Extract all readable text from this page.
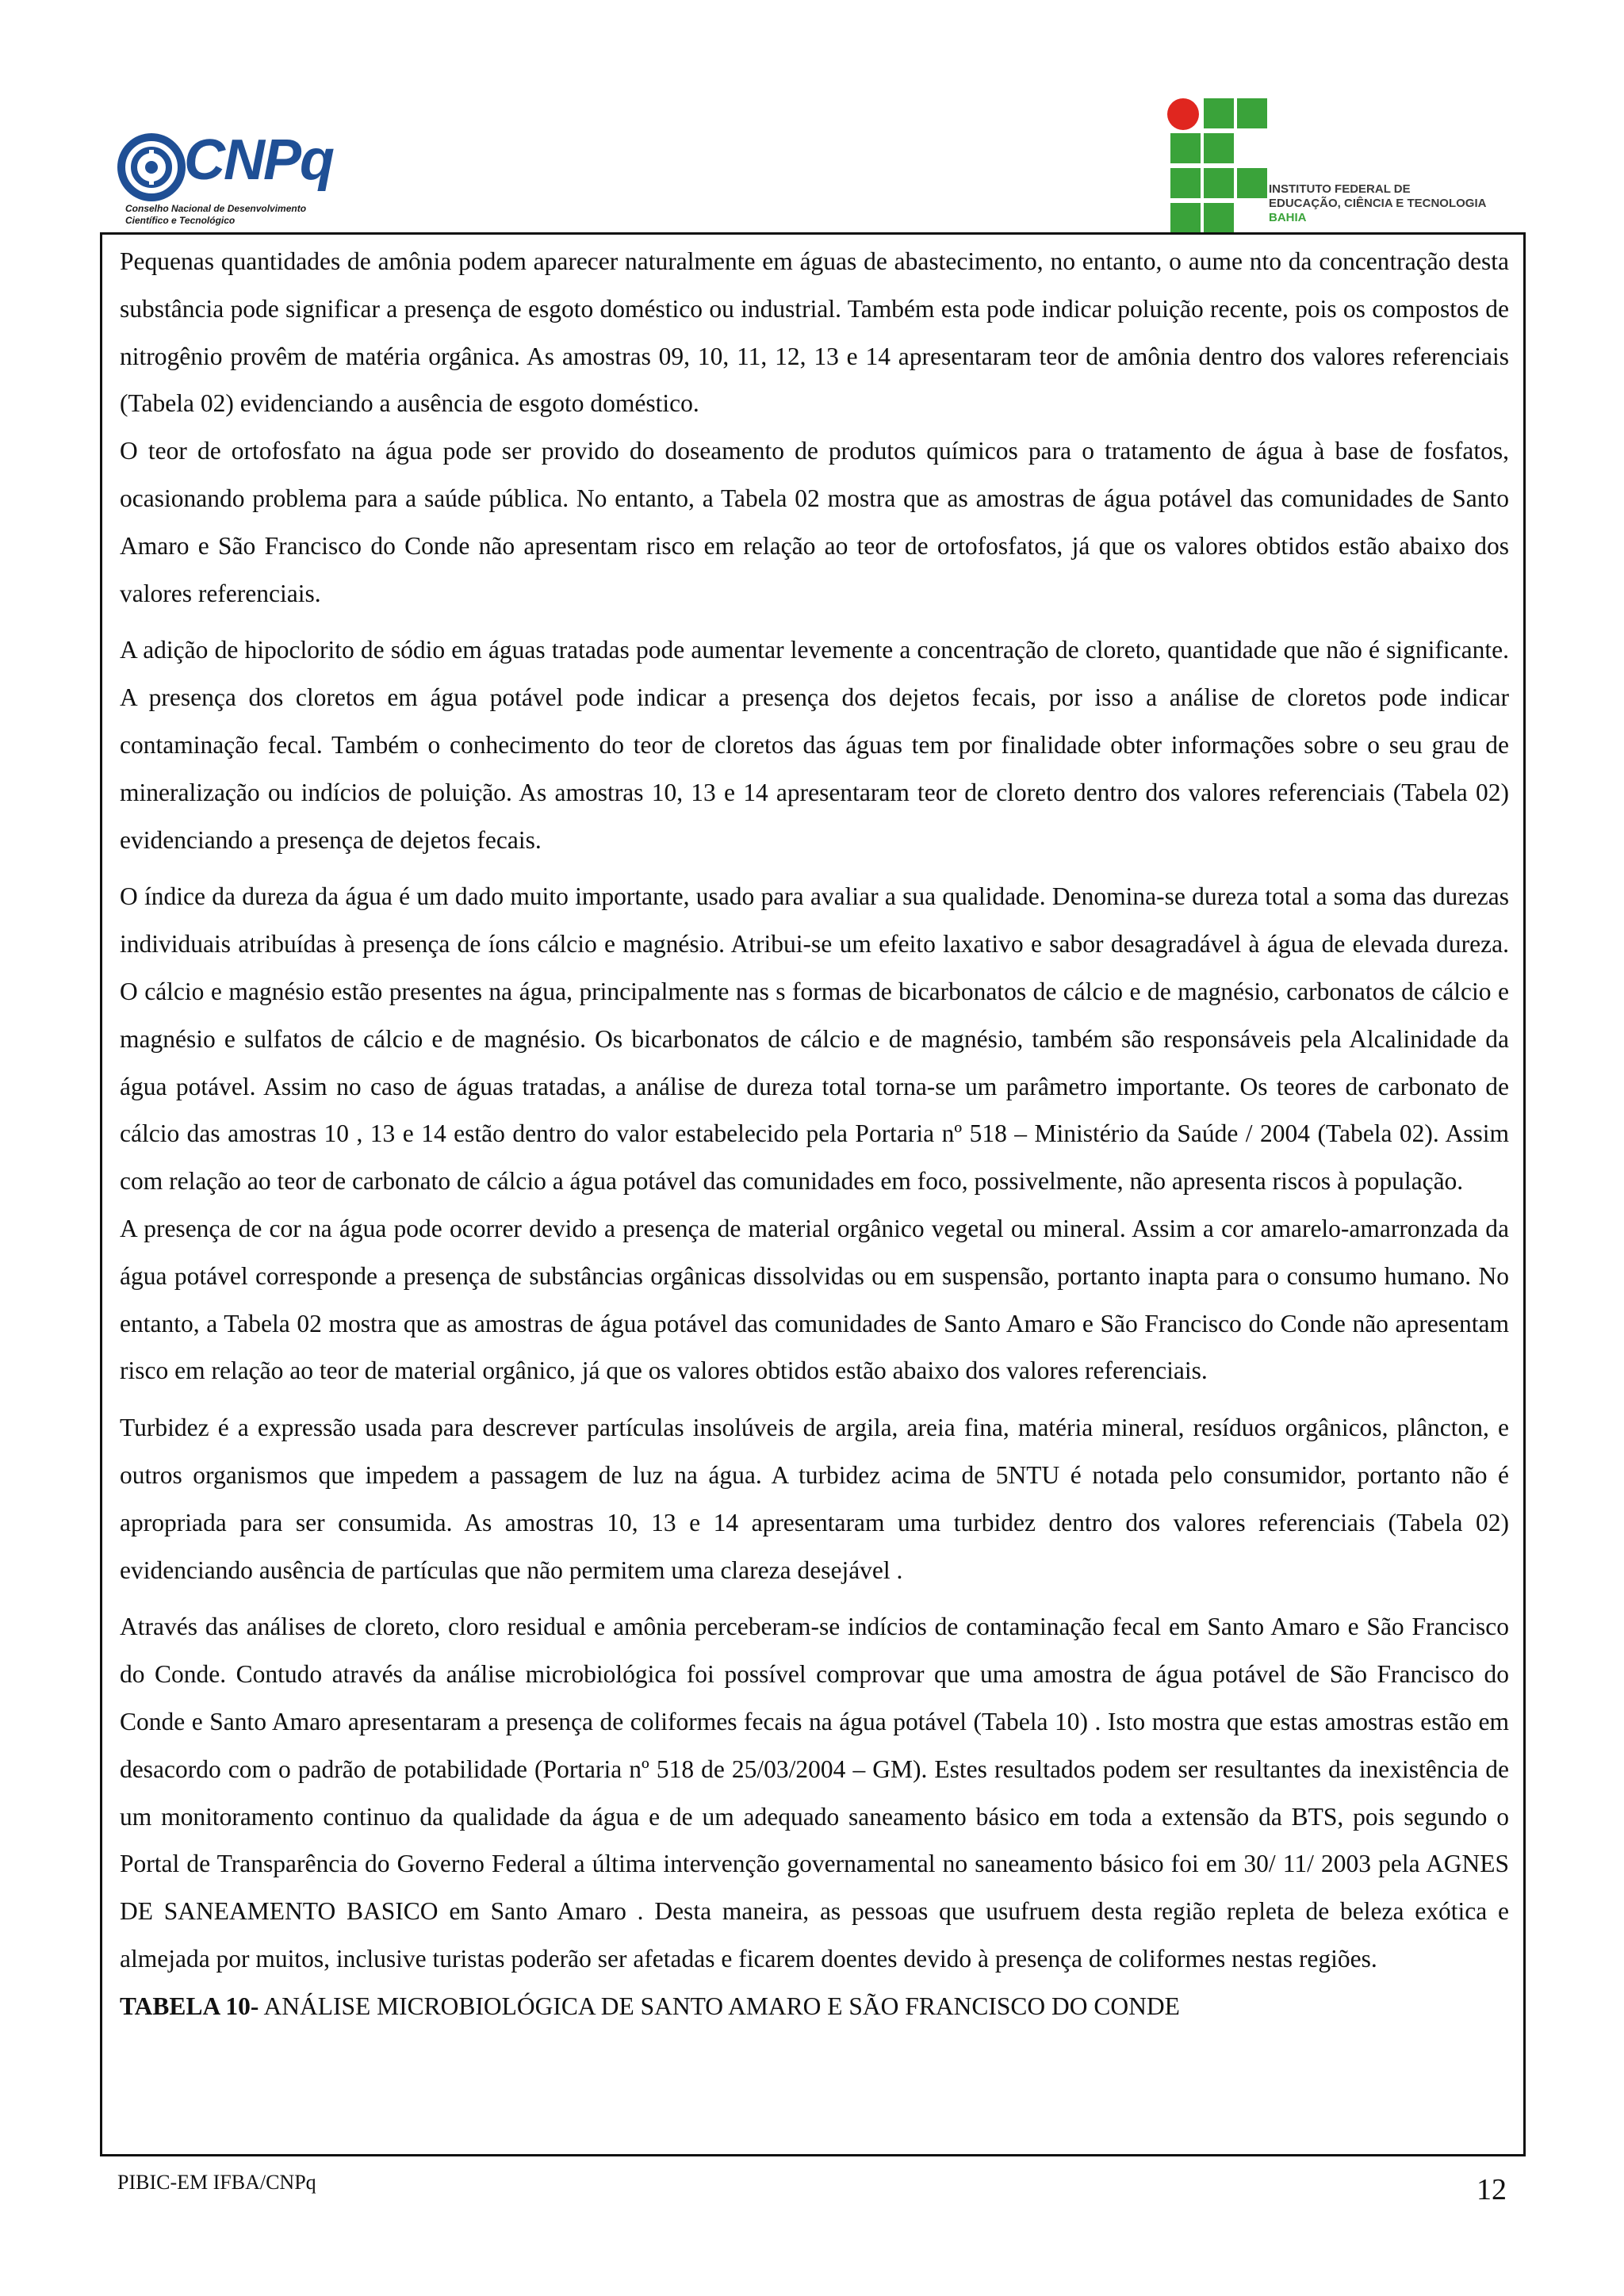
CNPq
Conselho Nacional de Desenvolvimento
Científico e Tecnológico
INSTITUTO FEDERAL DE
EDUCAÇÃO, CIÊNCIA E TECNOLOGIA
BAHIA

Pequenas quantidades de amônia podem aparecer naturalmente em águas de abastecimento, no entanto, o aume nto da concentração desta substância pode significar a presença de esgoto doméstico ou industrial. Também esta pode indicar poluição recente, pois os compostos de nitrogênio provêm de matéria orgânica. As amostras 09, 10, 11, 12, 13 e 14 apresentaram teor de amônia dentro dos valores referenciais (Tabela 02) evidenciando a ausência de esgoto doméstico.

O teor de ortofosfato na água pode ser provido do doseamento de produtos químicos para o tratamento de água à base de fosfatos, ocasionando problema para a saúde pública. No entanto, a Tabela 02 mostra que as amostras de água potável das comunidades de Santo Amaro e São Francisco do Conde não apresentam risco em relação ao teor de ortofosfatos, já que os valores obtidos estão abaixo dos valores referenciais.

A adição de hipoclorito de sódio em águas tratadas pode aumentar levemente a concentração de cloreto, quantidade que não é significante. A presença dos cloretos em água potável pode indicar a presença dos dejetos fecais, por isso a análise de cloretos pode indicar contaminação fecal. Também o conhecimento do teor de cloretos das águas tem por finalidade obter informações sobre o seu grau de mineralização ou indícios de poluição. As amostras 10, 13 e 14 apresentaram teor de cloreto dentro dos valores referenciais (Tabela 02) evidenciando a presença de dejetos fecais.

O índice da dureza da água é um dado muito importante, usado para avaliar a sua qualidade. Denomina-se dureza total a soma das durezas individuais atribuídas à presença de íons cálcio e magnésio. Atribui-se um efeito laxativo e sabor desagradável à água de elevada dureza. O cálcio e magnésio estão presentes na água, principalmente nas s formas de bicarbonatos de cálcio e de magnésio, carbonatos de cálcio e magnésio e sulfatos de cálcio e de magnésio. Os bicarbonatos de cálcio e de magnésio, também são responsáveis pela Alcalinidade da água potável. Assim no caso de águas tratadas, a análise de dureza total torna-se um parâmetro importante. Os teores de carbonato de cálcio das amostras 10 , 13 e 14 estão dentro do valor estabelecido pela Portaria nº 518 – Ministério da Saúde / 2004 (Tabela 02). Assim com relação ao teor de carbonato de cálcio a água potável das comunidades em foco, possivelmente, não apresenta riscos à população.

A presença de cor na água pode ocorrer devido a presença de material orgânico vegetal ou mineral. Assim a cor amarelo-amarronzada da água potável corresponde a presença de substâncias orgânicas dissolvidas ou em suspensão, portanto inapta para o consumo humano. No entanto, a Tabela 02 mostra que as amostras de água potável das comunidades de Santo Amaro e São Francisco do Conde não apresentam risco em relação ao teor de material orgânico, já que os valores obtidos estão abaixo dos valores referenciais.

Turbidez é a expressão usada para descrever partículas insolúveis de argila, areia fina, matéria mineral, resíduos orgânicos, plâncton, e outros organismos que impedem a passagem de luz na água. A turbidez acima de 5NTU é notada pelo consumidor, portanto não é apropriada para ser consumida. As amostras 10, 13 e 14 apresentaram uma turbidez dentro dos valores referenciais (Tabela 02) evidenciando ausência de partículas que não permitem uma clareza desejável .

Através das análises de cloreto, cloro residual e amônia perceberam-se indícios de contaminação fecal em Santo Amaro e São Francisco do Conde. Contudo através da análise microbiológica foi possível comprovar que uma amostra de água potável de São Francisco do Conde e Santo Amaro apresentaram a presença de coliformes fecais na água potável (Tabela 10) . Isto mostra que estas amostras estão em desacordo com o padrão de potabilidade (Portaria nº 518 de 25/03/2004 – GM). Estes resultados podem ser resultantes da inexistência de um monitoramento continuo da qualidade da água e de um adequado saneamento básico em toda a extensão da BTS, pois segundo o Portal de Transparência do Governo Federal a última intervenção governamental no saneamento básico foi em 30/ 11/ 2003 pela AGNES DE SANEAMENTO BASICO em Santo Amaro . Desta maneira, as pessoas que usufruem desta região repleta de beleza exótica e almejada por muitos, inclusive turistas poderão ser afetadas e ficarem doentes devido à presença de coliformes nestas regiões.

TABELA 10- ANÁLISE MICROBIOLÓGICA DE SANTO AMARO E SÃO FRANCISCO DO CONDE

PIBIC-EM IFBA/CNPq	12
